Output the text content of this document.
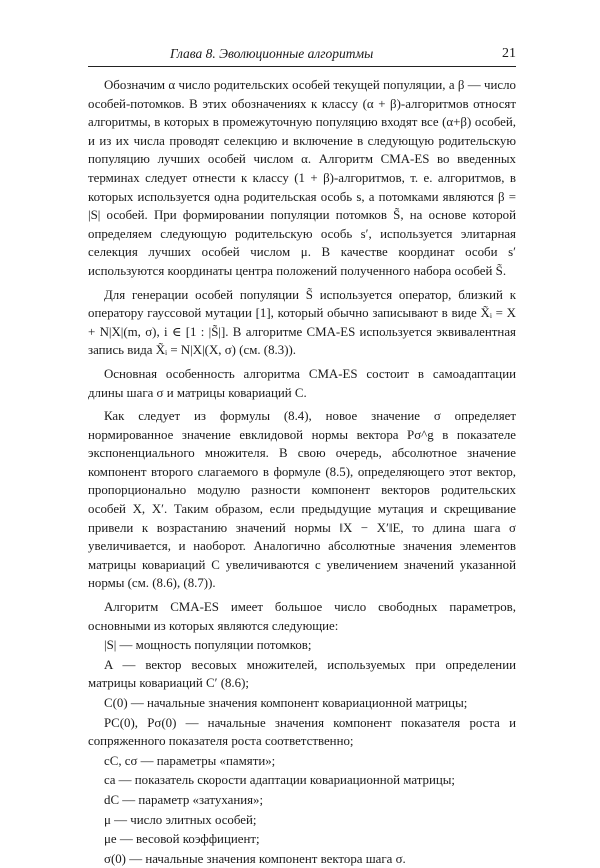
Глава 8. Эволюционные алгоритмы	21

Обозначим α число родительских особей текущей популяции, а β — число особей-потомков. В этих обозначениях к классу (α + β)-алгоритмов относят алгоритмы, в которых в промежуточную популяцию входят все (α+β) особей, и из их числа проводят селекцию и включение в следующую родительскую популяцию лучших особей числом α. Алгоритм CMA-ES во введенных терминах следует отнести к классу (1 + β)-алгоритмов, т. е. алгоритмов, в которых используется одна родительская особь s, а потомками являются β = |S| особей. При формировании популяции потомков S̃, на основе которой определяем следующую родительскую особь s′, используется элитарная селекция лучших особей числом μ. В качестве координат особи s′ используются координаты центра положений полученного набора особей S̃.

Для генерации особей популяции S̃ используется оператор, близкий к оператору гауссовой мутации [1], который обычно записывают в виде X̃ᵢ = X + N|X|(m, σ), i ∈ [1 : |S̃|]. В алгоритме CMA-ES используется эквивалентная запись вида X̃ᵢ = N|X|(X, σ) (см. (8.3)).

Основная особенность алгоритма CMA-ES состоит в самоадаптации длины шага σ и матрицы ковариаций C.

Как следует из формулы (8.4), новое значение σ определяет нормированное значение евклидовой нормы вектора Pσ^g в показателе экспоненциального множителя. В свою очередь, абсолютное значение компонент второго слагаемого в формуле (8.5), определяющего этот вектор, пропорционально модулю разности компонент векторов родительских особей X, X′. Таким образом, если предыдущие мутация и скрещивание привели к возрастанию значений нормы ‖X − X′‖E, то длина шага σ увеличивается, и наоборот. Аналогично абсолютные значения элементов матрицы ковариаций C увеличиваются с увеличением значений указанной нормы (см. (8.6), (8.7)).

Алгоритм CMA-ES имеет большое число свободных параметров, основными из которых являются следующие:

|S| — мощность популяции потомков;

A — вектор весовых множителей, используемых при определении матрицы ковариаций C′ (8.6);

C(0) — начальные значения компонент ковариационной матрицы;

PC(0), Pσ(0) — начальные значения компонент показателя роста и сопряженного показателя роста соответственно;

cC, cσ — параметры «памяти»;

ca — показатель скорости адаптации ковариационной матрицы;

dC — параметр «затухания»;

μ — число элитных особей;

μe — весовой коэффициент;

σ(0) — начальные значения компонент вектора шага σ.
